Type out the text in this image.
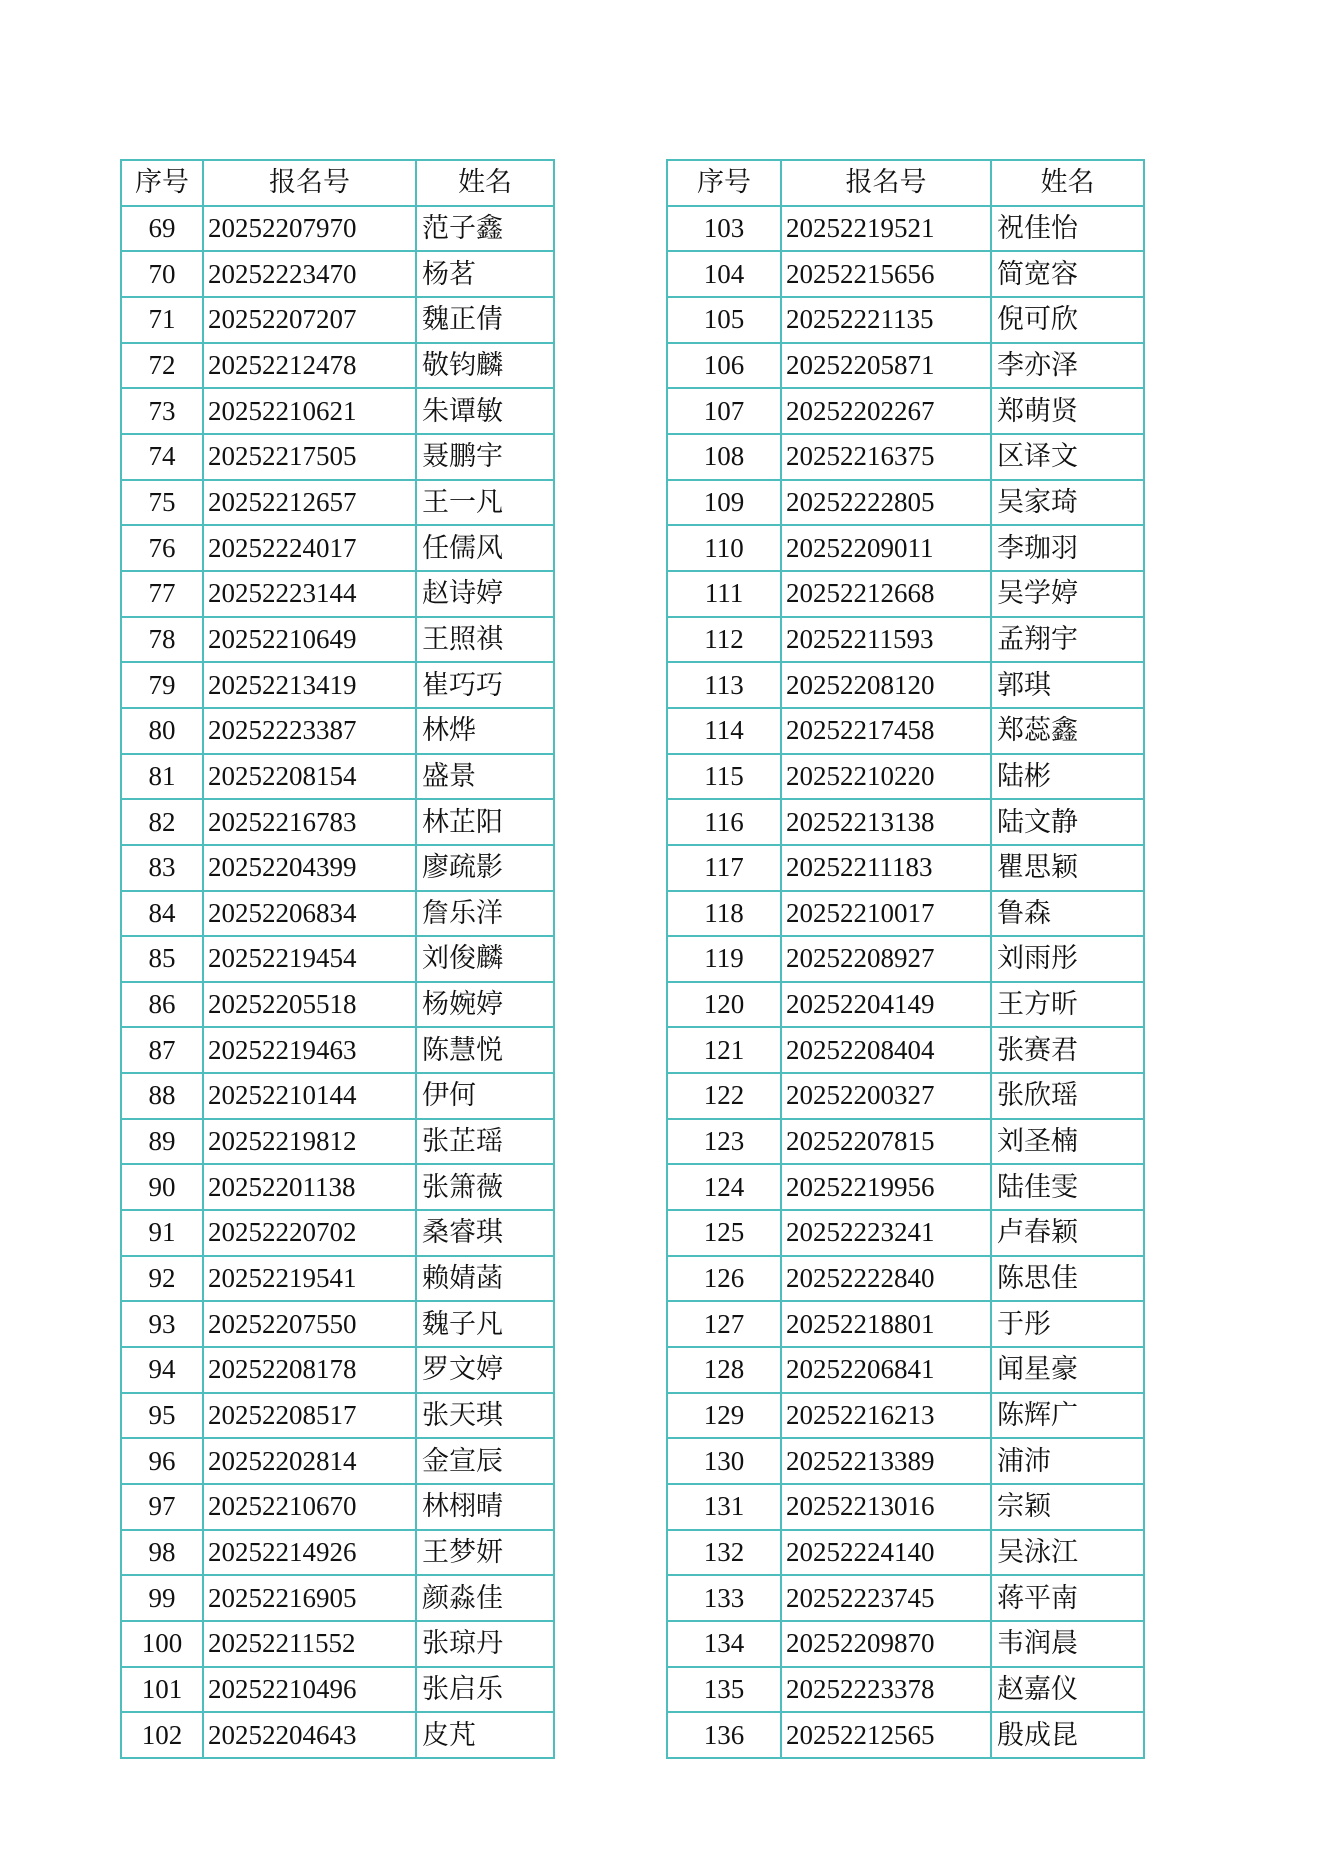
序号	报名号	姓名
69	20252207970	范子鑫
70	20252223470	杨茗
71	20252207207	魏正倩
72	20252212478	敬钧麟
73	20252210621	朱谭敏
74	20252217505	聂鹏宇
75	20252212657	王一凡
76	20252224017	任儒风
77	20252223144	赵诗婷
78	20252210649	王照祺
79	20252213419	崔巧巧
80	20252223387	林烨
81	20252208154	盛景
82	20252216783	林芷阳
83	20252204399	廖疏影
84	20252206834	詹乐洋
85	20252219454	刘俊麟
86	20252205518	杨婉婷
87	20252219463	陈慧悦
88	20252210144	伊何
89	20252219812	张芷瑶
90	20252201138	张箫薇
91	20252220702	桑睿琪
92	20252219541	赖婧菡
93	20252207550	魏子凡
94	20252208178	罗文婷
95	20252208517	张天琪
96	20252202814	金宣辰
97	20252210670	林栩晴
98	20252214926	王梦妍
99	20252216905	颜淼佳
100	20252211552	张琼丹
101	20252210496	张启乐
102	20252204643	皮芃
序号	报名号	姓名
103	20252219521	祝佳怡
104	20252215656	简宽容
105	20252221135	倪可欣
106	20252205871	李亦泽
107	20252202267	郑萌贤
108	20252216375	区译文
109	20252222805	吴家琦
110	20252209011	李珈羽
111	20252212668	吴学婷
112	20252211593	孟翔宇
113	20252208120	郭琪
114	20252217458	郑蕊鑫
115	20252210220	陆彬
116	20252213138	陆文静
117	20252211183	瞿思颖
118	20252210017	鲁森
119	20252208927	刘雨彤
120	20252204149	王方昕
121	20252208404	张赛君
122	20252200327	张欣瑶
123	20252207815	刘圣楠
124	20252219956	陆佳雯
125	20252223241	卢春颖
126	20252222840	陈思佳
127	20252218801	于彤
128	20252206841	闻星豪
129	20252216213	陈辉广
130	20252213389	浦沛
131	20252213016	宗颖
132	20252224140	吴泳江
133	20252223745	蒋平南
134	20252209870	韦润晨
135	20252223378	赵嘉仪
136	20252212565	殷成昆
